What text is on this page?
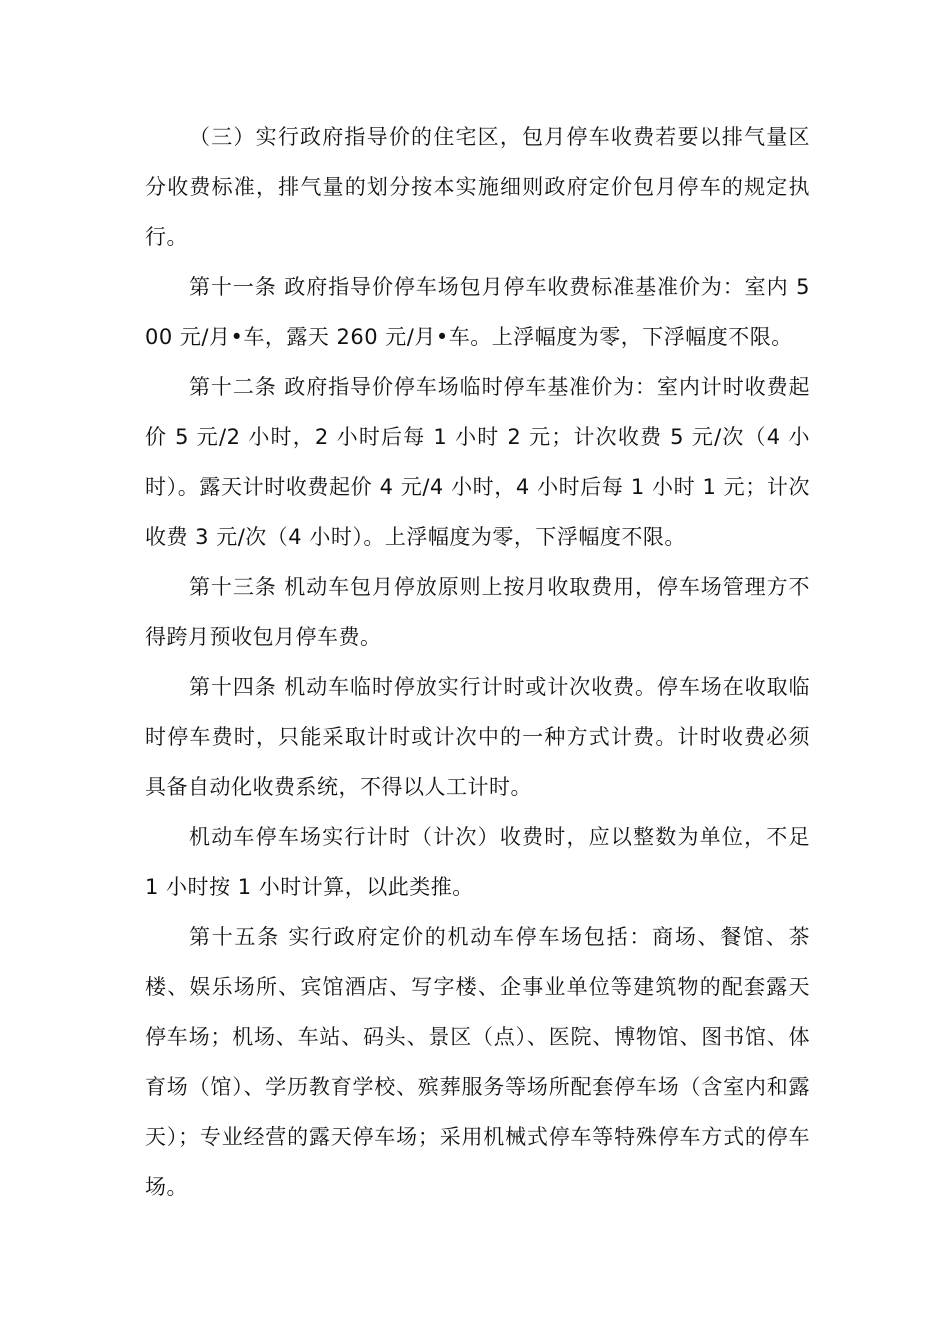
（三）实行政府指导价的住宅区，包月停车收费若要以排气量区分收费标准，排气量的划分按本实施细则政府定价包月停车的规定执行。

第十一条 政府指导价停车场包月停车收费标准基准价为：室内 500 元/月•车，露天 260 元/月•车。上浮幅度为零，下浮幅度不限。

第十二条 政府指导价停车场临时停车基准价为：室内计时收费起价 5 元/2 小时，2 小时后每 1 小时 2 元；计次收费 5 元/次（4 小时）。露天计时收费起价 4 元/4 小时，4 小时后每 1 小时 1 元；计次收费 3 元/次（4 小时）。上浮幅度为零，下浮幅度不限。

第十三条 机动车包月停放原则上按月收取费用，停车场管理方不得跨月预收包月停车费。

第十四条 机动车临时停放实行计时或计次收费。停车场在收取临时停车费时，只能采取计时或计次中的一种方式计费。计时收费必须具备自动化收费系统，不得以人工计时。

机动车停车场实行计时（计次）收费时，应以整数为单位，不足 1 小时按 1 小时计算，以此类推。

第十五条 实行政府定价的机动车停车场包括：商场、餐馆、茶楼、娱乐场所、宾馆酒店、写字楼、企事业单位等建筑物的配套露天停车场；机场、车站、码头、景区（点）、医院、博物馆、图书馆、体育场（馆）、学历教育学校、殡葬服务等场所配套停车场（含室内和露天）；专业经营的露天停车场；采用机械式停车等特殊停车方式的停车场。
